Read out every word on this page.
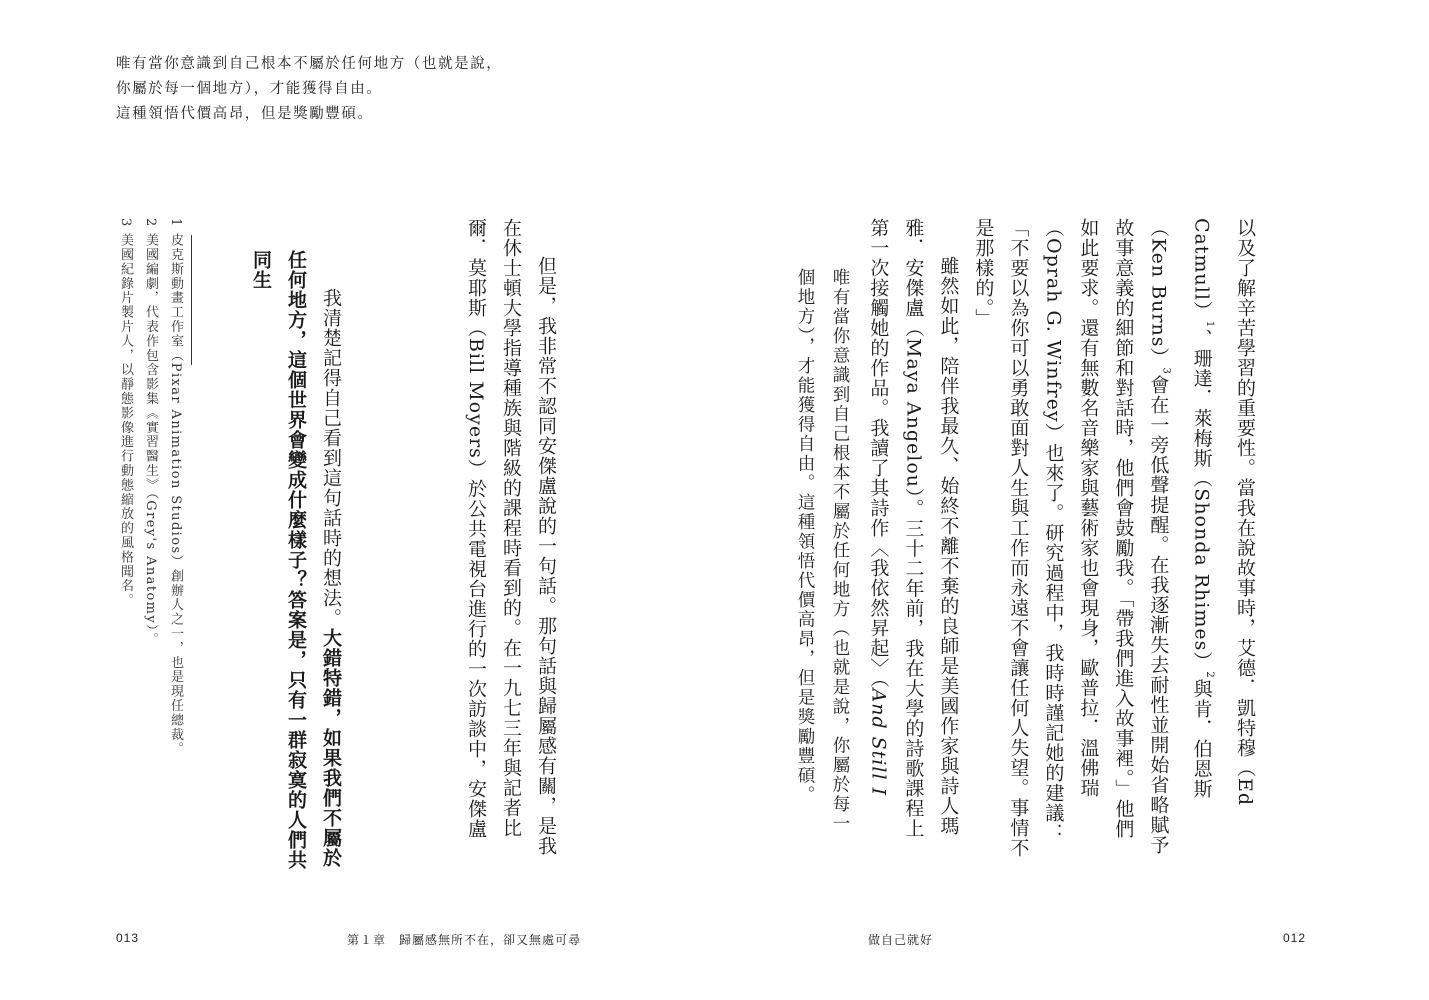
唯有當你意識到自己根本不屬於任何地方（也就是說，
你屬於每一個地方），才能獲得自由。
這種領悟代價高昂，但是獎勵豐碩。

以及了解辛苦學習的重要性。當我在說故事時，艾德．凱特穆（Ed Catmull）$^1$、珊達．萊梅斯（Shonda Rhimes）$^2$與肯．伯恩斯（Ken Burns）$^3$會在一旁低聲提醒。在我逐漸失去耐性並開始省略賦予故事意義的細節和對話時，他們會鼓勵我。「帶我們進入故事裡。」他們如此要求。還有無數名音樂家與藝術家也會現身，歐普拉．溫佛瑞（Oprah G. Winfrey）也來了。研究過程中，我時時謹記她的建議：「不要以為你可以勇敢面對人生與工作而永遠不會讓任何人失望。事情不是那樣的。」

雖然如此，陪伴我最久、始終不離不棄的良師是美國作家與詩人瑪雅．安傑盧（Maya Angelou）。三十二年前，我在大學的詩歌課程上第一次接觸她的作品。我讀了其詩作〈我依然昇起〉（And Still I

但是，我非常不認同安傑盧說的一句話。那句話與歸屬感有關，是我在休士頓大學指導種族與階級的課程時看到的。在一九七三年與記者比爾．莫耶斯（Bill Moyers）於公共電視台進行的一次訪談中，安傑盧	唯有當你意識到自己根本不屬於任何地方（也就是說，你屬於每一個地方），才能獲得自由。這種領悟代價高昂，但是獎勵豐碩。

我清楚記得自己看到這句話時的想法。大錯特錯，如果我們不屬於任何地方，這個世界會變成什麼樣子？答案是，只有一群寂寞的人們共同生

1 皮克斯動畫工作室（Pixar Animation Studios）創辦人之一，也是現任總裁。

2 美國編劇，代表作包含影集《實習醫生》（Grey's Anatomy）。

3 美國紀錄片製片人，以靜態影像進行動態縮放的風格聞名。

013	第１章　歸屬感無所不在，卻又無處可尋	做自己就好	012
